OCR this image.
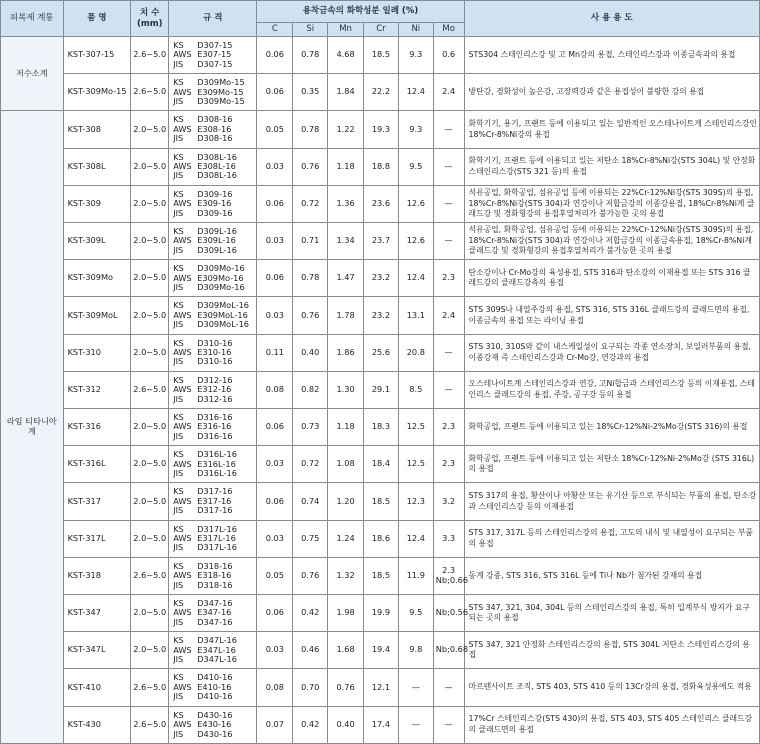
피복제 계통	품 명	치 수
(mm)	규 격	용착금속의 화학성분 일례 (%)						사 용 용 도
				C	Si	Mn	Cr	Ni	Mo	
저수소계	KST-307-15	2.6~5.0	KS D307-15
AWS E307-15
JIS D307-15	0.06	0.78	4.68	18.5	9.3	0.6	STS304 스테인리스강 및 고 Mn강의 용접, 스테인리스강과 이종금속과의 용접
	KST-309Mo-15	2.6~5.0	KS D309Mo-15
AWS E309Mo-15
JIS D309Mo-15	0.06	0.35	1.84	22.2	12.4	2.4	방탄강, 경화성이 높은강, 고장력강과 같은 용접성이 불량한 강의 용접
라임 티타니아계	KST-308	2.0~5.0	KS D308-16
AWS E308-16
JIS D308-16	0.05	0.78	1.22	19.3	9.3	—	화학기기, 용기, 프랜트 등에 이용되고 있는 일반적인 오스테나이트계 스테인리스강인 18%Cr-8%Ni강의 용접
	KST-308L	2.0~5.0	KS D308L-16
AWS E308L-16
JIS D308L-16	0.03	0.76	1.18	18.8	9.5	—	화학기기, 프랜트 등에 이용되고 있는 저탄소 18%Cr-8%Ni강(STS 304L) 및 안정화 스테인리스강(STS 321 등)의 용접
	KST-309	2.0~5.0	KS D309-16
AWS E309-16
JIS D309-16	0.06	0.72	1.36	23.6	12.6	—	석유공업, 화학공업, 섬유공업 등에 이용되는 22%Cr-12%Ni강(STS 309S)의 용접, 18%Cr-8%Ni강(STS 304)과 연강이나 저합금강의 이종강용접, 18%Cr-8%Ni계 클래드강 및 경화형강의 용접후열처리가 불가능한 곳의 용접
	KST-309L	2.0~5.0	KS D309L-16
AWS E309L-16
JIS D309L-16	0.03	0.71	1.34	23.7	12.6	—	석유공업, 화학공업, 섬유공업 등에 이용되는 22%Cr-12%Ni강(STS 309S)의 용접, 18%Cr-8%Ni강(STS 304)과 연강이나 저합금강의 이종금속용접, 18%Cr-8%Ni계 클래드강 및 경화형강의 용접후열처리가 불가능한 곳의 용접
	KST-309Mo	2.0~5.0	KS D309Mo-16
AWS E309Mo-16
JIS D309Mo-16	0.06	0.78	1.47	23.2	12.4	2.3	탄소강이나 Cr-Mo강의 육성용접, STS 316과 탄소강의 이재용접 또는 STS 316 클래드강의 클래드강측의 용접
	KST-309MoL	2.0~5.0	KS D309MoL-16
AWS E309MoL-16
JIS D309MoL-16	0.03	0.76	1.78	23.2	13.1	2.4	STS 309S나 내열주강의 용접, STS 316, STS 316L 클래드강의 클래드면의 용접, 이종금속의 용접 또는 라이닝 용접
	KST-310	2.0~5.0	KS D310-16
AWS E310-16
JIS D310-16	0.11	0.40	1.86	25.6	20.8	—	STS 310, 310S와 같이 내스케일성이 요구되는 각종 연소장치, 보일러부품의 용접, 이종강재 즉 스테인리스강과 Cr-Mo강, 연강과의 용접
	KST-312	2.6~5.0	KS D312-16
AWS E312-16
JIS D312-16	0.08	0.82	1.30	29.1	8.5	—	오스테나이트계 스테인리스강과 연강, 고Ni합금과 스테인리스강 등의 이재용접, 스테인리스 클래드강의 용접, 주강, 공구강 등의 용접
	KST-316	2.0~5.0	KS D316-16
AWS E316-16
JIS D316-16	0.06	0.73	1.18	18.3	12.5	2.3	화학공업, 프랜트 등에 이용되고 있는 18%Cr-12%Ni-2%Mo강(STS 316)의 용접
	KST-316L	2.0~5.0	KS D316L-16
AWS E316L-16
JIS D316L-16	0.03	0.72	1.08	18.4	12.5	2.3	화학공업, 프랜트 등에 이용되고 있는 저탄소 18%Cr-12%Ni-2%Mo강 (STS 316L)의 용접
	KST-317	2.0~5.0	KS D317-16
AWS E317-16
JIS D317-16	0.06	0.74	1.20	18.5	12.3	3.2	STS 317의 용접, 황산이나 아황산 또는 유기산 등으로 부식되는 부품의 용접, 탄소강과 스테인리스강 등의 이재용접
	KST-317L	2.0~5.0	KS D317L-16
AWS E317L-16
JIS D317L-16	0.03	0.75	1.24	18.6	12.4	3.3	STS 317, 317L 등의 스테인리스강의 용접, 고도의 내식 및 내열성이 요구되는 부품의 용접
	KST-318	2.6~5.0	KS D318-16
AWS E318-16
JIS D318-16	0.05	0.76	1.32	18.5	11.9	2.3
Nb;0.66	동계 강종, STS 316, STS 316L 등에 Ti나 Nb가 첨가된 강재의 용접
	KST-347	2.0~5.0	KS D347-16
AWS E347-16
JIS D347-16	0.06	0.42	1.98	19.9	9.5	Nb;0.56	STS 347, 321, 304, 304L 등의 스테인리스강의 용접, 특히 입계부식 방지가 요구되는 곳의 용접
	KST-347L	2.0~5.0	KS D347L-16
AWS E347L-16
JIS D347L-16	0.03	0.46	1.68	19.4	9.8	Nb;0.68	STS 347, 321 안정화 스테인리스강의 용접, STS 304L 저탄소 스테인리스강의 용접
	KST-410	2.6~5.0	KS D410-16
AWS E410-16
JIS D410-16	0.08	0.70	0.76	12.1	—	—	마르텐사이트 조직, STS 403, STS 410 등의 13Cr강의 용접, 경화육성용에도 적용
	KST-430	2.6~5.0	KS D430-16
AWS E430-16
JIS D430-16	0.07	0.42	0.40	17.4	—	—	17%Cr 스테인리스강(STS 430)의 용접, STS 403, STS 405 스테인리스 클래드강의 클래드면의 용접
